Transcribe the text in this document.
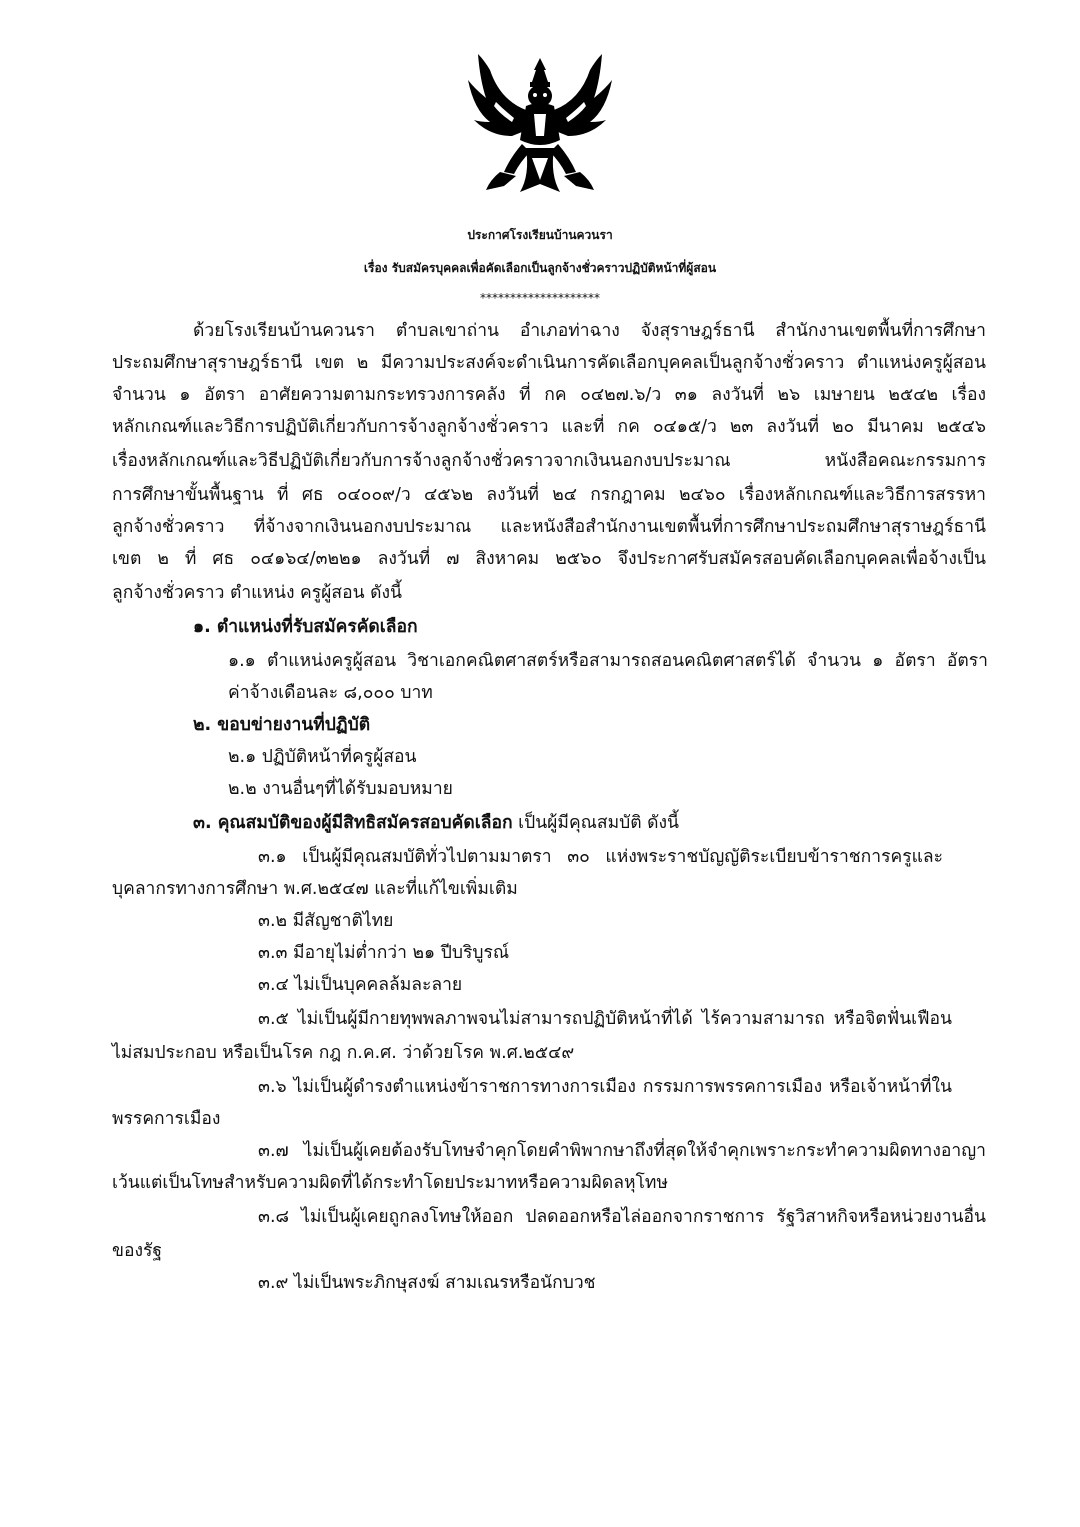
ประกาศโรงเรียนบ้านควนรา

เรื่อง รับสมัครบุคคลเพื่อคัดเลือกเป็นลูกจ้างชั่วคราวปฏิบัติหน้าที่ผู้สอน

********************

ด้วยโรงเรียนบ้านควนรา ตำบลเขาถ่าน อำเภอท่าฉาง จังสุราษฎร์ธานี สำนักงานเขตพื้นที่การศึกษา

ประถมศึกษาสุราษฎร์ธานี เขต ๒ มีความประสงค์จะดำเนินการคัดเลือกบุคคลเป็นลูกจ้างชั่วคราว ตำแหน่งครูผู้สอน

จำนวน ๑ อัตรา อาศัยความตามกระทรวงการคลัง ที่ กค ๐๔๒๗.๖/ว ๓๑ ลงวันที่ ๒๖ เมษายน ๒๕๔๒ เรื่อง

หลักเกณฑ์และวิธีการปฏิบัติเกี่ยวกับการจ้างลูกจ้างชั่วคราว และที่ กค ๐๔๑๕/ว ๒๓ ลงวันที่ ๒๐ มีนาคม ๒๕๔๖

เรื่องหลักเกณฑ์และวิธีปฏิบัติเกี่ยวกับการจ้างลูกจ้างชั่วคราวจากเงินนอกงบประมาณ หนังสือคณะกรรมการ

การศึกษาขั้นพื้นฐาน ที่ ศธ ๐๔๐๐๙/ว ๔๕๖๒ ลงวันที่ ๒๔ กรกฎาคม ๒๔๖๐ เรื่องหลักเกณฑ์และวิธีการสรรหา

ลูกจ้างชั่วคราว ที่จ้างจากเงินนอกงบประมาณ และหนังสือสำนักงานเขตพื้นที่การศึกษาประถมศึกษาสุราษฎร์ธานี

เขต ๒ ที่ ศธ ๐๔๑๖๔/๓๒๒๑ ลงวันที่ ๗ สิงหาคม ๒๕๖๐ จึงประกาศรับสมัครสอบคัดเลือกบุคคลเพื่อจ้างเป็น

ลูกจ้างชั่วคราว ตำแหน่ง ครูผู้สอน ดังนี้

๑. ตำแหน่งที่รับสมัครคัดเลือก

๑.๑ ตำแหน่งครูผู้สอน วิชาเอกคณิตศาสตร์หรือสามารถสอนคณิตศาสตร์ได้ จำนวน ๑ อัตรา อัตรา

ค่าจ้างเดือนละ ๘,๐๐๐ บาท

๒. ขอบข่ายงานที่ปฏิบัติ

๒.๑ ปฏิบัติหน้าที่ครูผู้สอน

๒.๒ งานอื่นๆที่ได้รับมอบหมาย

๓. คุณสมบัติของผู้มีสิทธิสมัครสอบคัดเลือก เป็นผู้มีคุณสมบัติ ดังนี้

๓.๑ เป็นผู้มีคุณสมบัติทั่วไปตามมาตรา ๓๐ แห่งพระราชบัญญัติระเบียบข้าราชการครูและ

บุคลากรทางการศึกษา พ.ศ.๒๕๔๗ และที่แก้ไขเพิ่มเติม

๓.๒ มีสัญชาติไทย

๓.๓ มีอายุไม่ต่ำกว่า ๒๑ ปีบริบูรณ์

๓.๔ ไม่เป็นบุคคลล้มละลาย

๓.๕ ไม่เป็นผู้มีกายทุพพลภาพจนไม่สามารถปฏิบัติหน้าที่ได้ ไร้ความสามารถ หรือจิตฟั่นเฟือน

ไม่สมประกอบ หรือเป็นโรค กฎ ก.ค.ศ. ว่าด้วยโรค พ.ศ.๒๕๔๙

๓.๖ ไม่เป็นผู้ดำรงตำแหน่งข้าราชการทางการเมือง กรรมการพรรคการเมือง หรือเจ้าหน้าที่ใน

พรรคการเมือง

๓.๗ ไม่เป็นผู้เคยต้องรับโทษจำคุกโดยคำพิพากษาถึงที่สุดให้จำคุกเพราะกระทำความผิดทางอาญา

เว้นแต่เป็นโทษสำหรับความผิดที่ได้กระทำโดยประมาทหรือความผิดลหุโทษ

๓.๘ ไม่เป็นผู้เคยถูกลงโทษให้ออก ปลดออกหรือไล่ออกจากราชการ รัฐวิสาหกิจหรือหน่วยงานอื่น

ของรัฐ

๓.๙ ไม่เป็นพระภิกษุสงฆ์ สามเณรหรือนักบวช
